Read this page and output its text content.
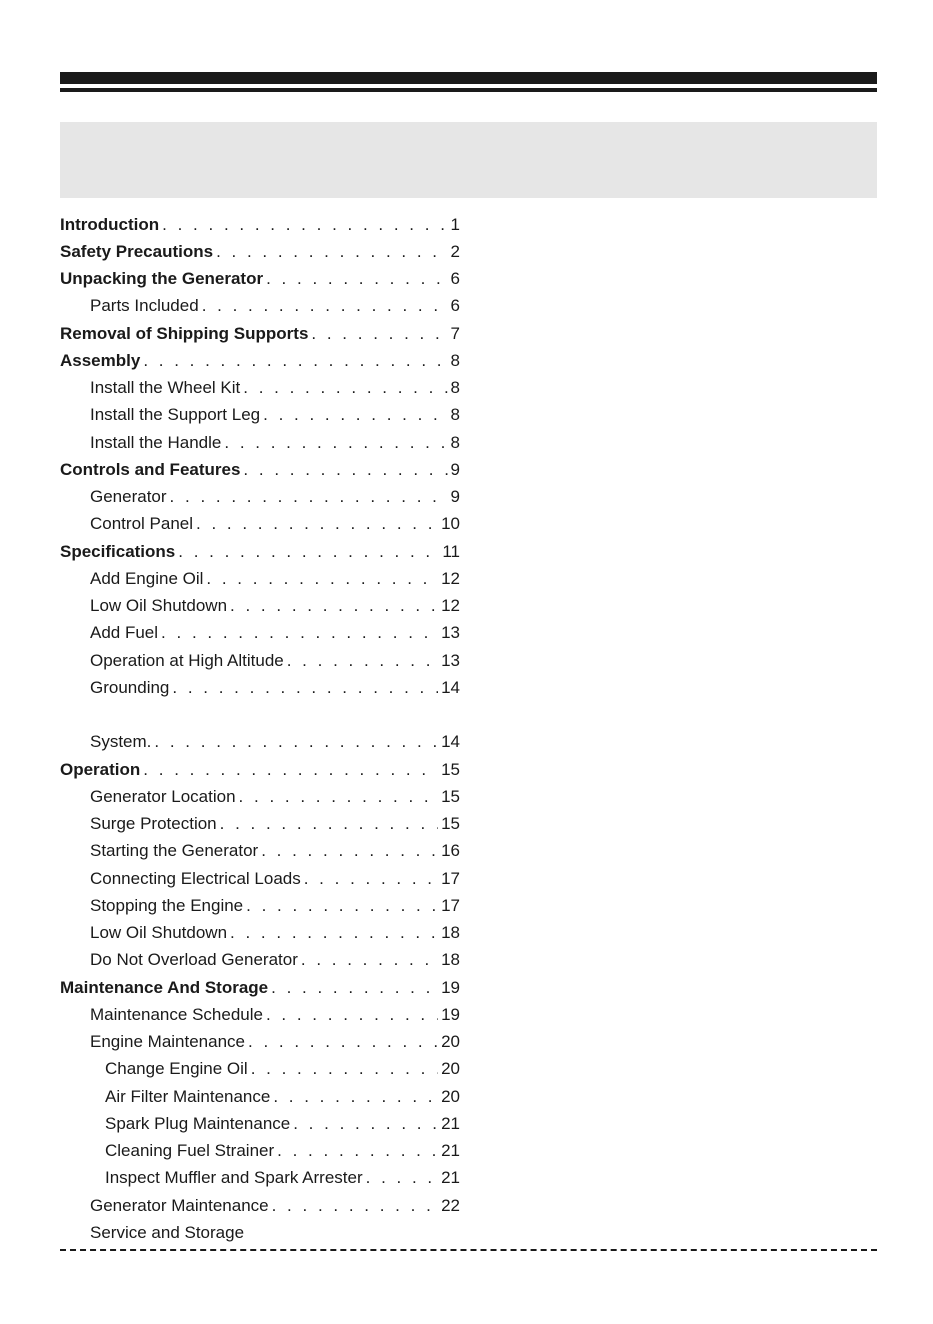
Introduction . . .	1
Safety Precautions . . .	2
Unpacking the Generator . . .	6
Parts Included . . .	6
Removal of Shipping Supports . . .	7
Assembly . . .	8
Install the Wheel Kit . . .	8
Install the Support Leg . . .	8
Install the Handle . . .	8
Controls and Features . . .	9
Generator . . .	9
Control Panel . . .	10
Specifications . . .	11
Add Engine Oil . . .	12
Low Oil Shutdown . . .	12
Add Fuel . . .	13
Operation at High Altitude . . .	13
Grounding . . .	14
System. . . .	14
Operation . . .	15
Generator Location . . .	15
Surge Protection . . .	15
Starting the Generator . . .	16
Connecting Electrical Loads . . .	17
Stopping the Engine . . .	17
Low Oil Shutdown . . .	18
Do Not Overload Generator . . .	18
Maintenance And Storage . . .	19
Maintenance Schedule . . .	19
Engine Maintenance . . .	20
Change Engine Oil . . .	20
Air Filter Maintenance . . .	20
Spark Plug Maintenance . . .	21
Cleaning Fuel Strainer . . .	21
Inspect Muffler and Spark Arrester . . .	21
Generator Maintenance . . .	22
Service and Storage
